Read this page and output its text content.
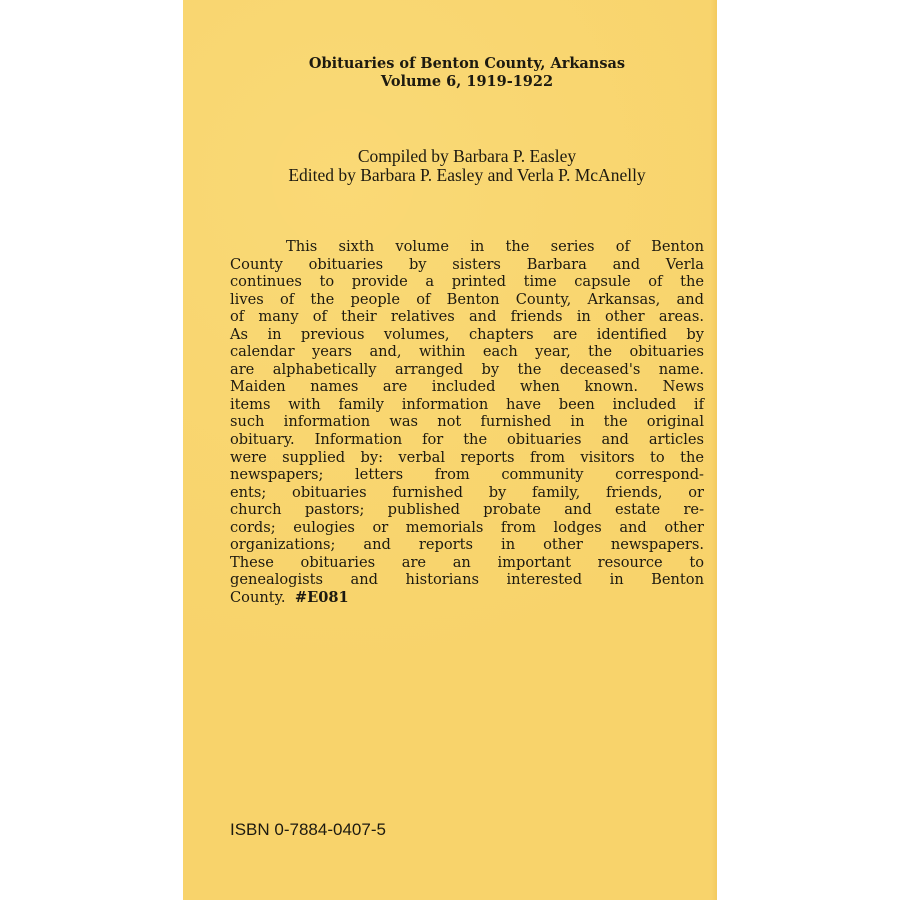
Obituaries of Benton County, Arkansas
Volume 6, 1919-1922
Compiled by Barbara P. Easley
Edited by Barbara P. Easley and Verla P. McAnelly
This sixth volume in the series of Benton
County obituaries by sisters Barbara and Verla
continues to provide a printed time capsule of the
lives of the people of Benton County, Arkansas, and
of many of their relatives and friends in other areas.
As in previous volumes, chapters are identified by
calendar years and, within each year, the obituaries
are alphabetically arranged by the deceased's name.
Maiden names are included when known. News
items with family information have been included if
such information was not furnished in the original
obituary. Information for the obituaries and articles
were supplied by: verbal reports from visitors to the
newspapers; letters from community correspond-
ents; obituaries furnished by family, friends, or
church pastors; published probate and estate re-
cords; eulogies or memorials from lodges and other
organizations; and reports in other newspapers.
These obituaries are an important resource to
genealogists and historians interested in Benton
County. #E081
ISBN 0-7884-0407-5
